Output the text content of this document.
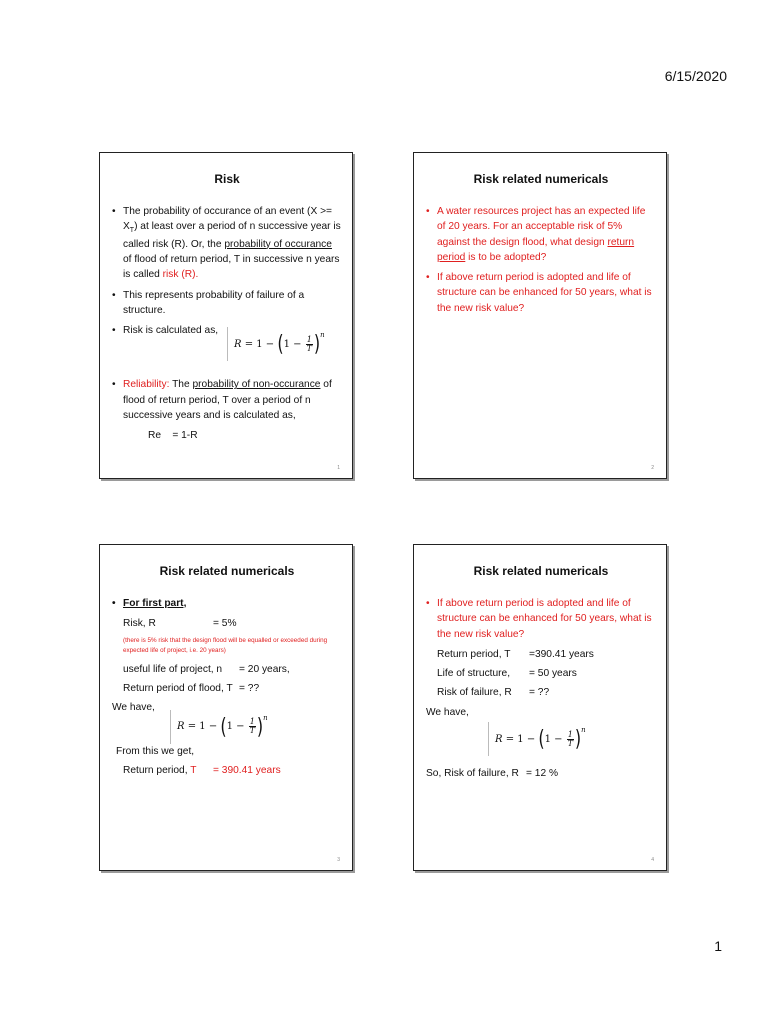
6/15/2020
Risk
• The probability of occurance of an event $(X >= X_T)$ at least over a period of n successive year is called risk (R). Or, the probability of occurance of flood of return period, T in successive n years is called risk (R).
• This represents probability of failure of a structure.
• Risk is calculated as,
R
= 1 −
( 1 −
$\frac{1}{T}$ ) n
• Reliability: The probability of non-occurance of flood of return period, T over a period of n successive years and is calculated as,
Re = 1-R
1
Risk related numericals
• A water resources project has an expected life of 20 years. For an acceptable risk of 5% against the design flood, what design return period is to be adopted?
• If above return period is adopted and life of structure can be enhanced for 50 years, what is the new risk value?
2
Risk related numericals
• For first part,
Risk, R	= 5%
(there is 5% risk that the design flood will be equalled or exceeded during expected life of project, i.e. 20 years)
useful life of project, n	= 20 years,
Return period of flood, T = ??
We have,
R
= 1 −
( 1 −
$\frac{1}{T}$ ) n
From this we get,
Return period, T	= 390.41 years
3
Risk related numericals
• If above return period is adopted and life of structure can be enhanced for 50 years, what is the new risk value?
Return period, T	=390.41 years
Life of structure,	= 50 years
Risk of failure, R	= ??
We have,
R
= 1 −
( 1 −
$\frac{1}{T}$ ) n
So, Risk of failure, R = 12 %
4
1
